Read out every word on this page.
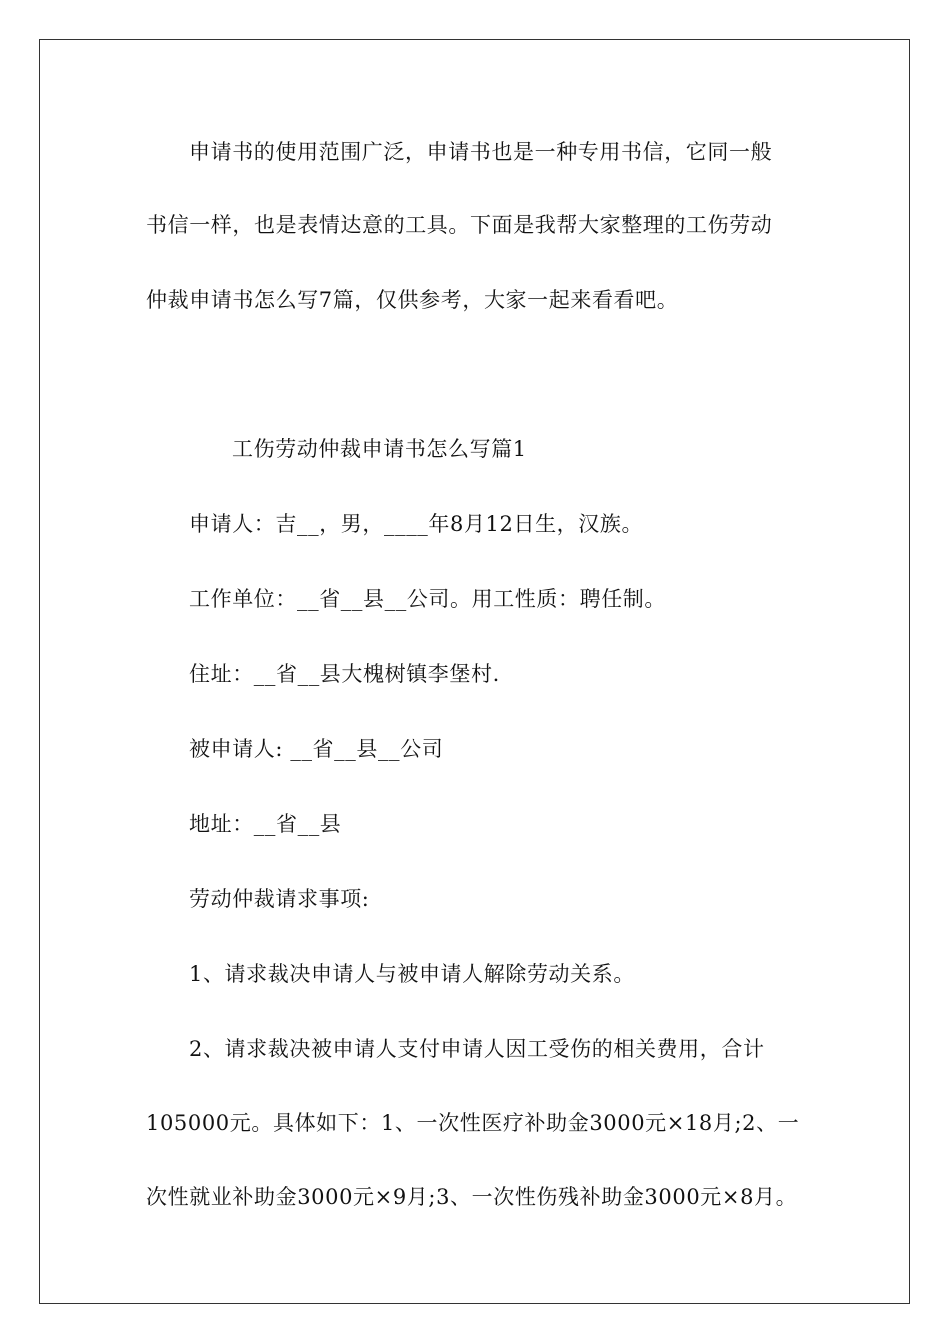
申请书的使用范围广泛，申请书也是一种专用书信，它同一般
书信一样，也是表情达意的工具。下面是我帮大家整理的工伤劳动
仲裁申请书怎么写7篇，仅供参考，大家一起来看看吧。
工伤劳动仲裁申请书怎么写篇1
申请人：吉__，男，____年8月12日生，汉族。
工作单位：__省__县__公司。用工性质：聘任制。
住址：__省__县大槐树镇李堡村.
被申请人: __省__县__公司
地址：__省__县
劳动仲裁请求事项:
1、请求裁决申请人与被申请人解除劳动关系。
2、请求裁决被申请人支付申请人因工受伤的相关费用，合计
105000元。具体如下：1、一次性医疗补助金3000元×18月;2、一
次性就业补助金3000元×9月;3、一次性伤残补助金3000元×8月。
